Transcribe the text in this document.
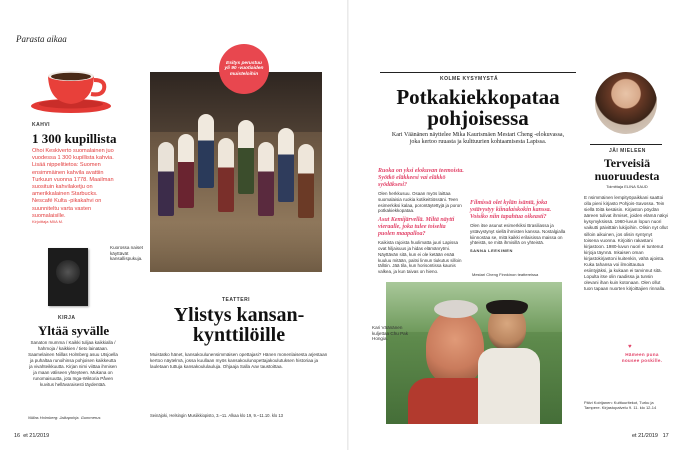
Parasta aikaa
KAHVI
1 300 kupillista
Ohoi Keskiverto suomalainen juo vuodessa 1 300 kupillista kahvia. Lisää nippelitietoa: Suomen ensimmäinen kahvila avattiin Turkuun vuonna 1778. Maailman suosituin kahvilaketju on amerikkalainen Starbucks. Nescafé Kulta -pikakahvi on suunniteltu varta vasten suomalaisille.
Kirjoittaja MIIA M.
KIRJA
Yltää syvälle
Sanaton mumma / Kaikki tulijaa kaikkialla / hahmoja / kaikkien / tieto lainataan. Saamelainen Niillas Holmberg asuu Utsjoella ja puhaltaa runoihinsa pohjoisen kaikkeutta ja vivahteikkuutta. Kirjan nimi viittaa ihmisen ja maan väliseen yhteyteen. Mukana on runomaisuutta, jota Inga-Wiktoria Påven kuvitus hellävaraisesti täydentää.
Niillas Holmberg: Jalkapohja. Gummerus
Kuorossa naiset käyttävät kansallispukuja.
Esitys perustuu yli 90 -vuotiaiden muisteloihin
TEATTERI
Ylistys kansan-kynttilöille
Muistatko hänet, kansakoulunensimmäisen opettajasi? Hänen monenlaisesta arjestaan kertoo näytelmä, jossa kuullaan myös kansakoulunopettajakoulutuksen historiaa ja lauletaan tuttuja kansakoululauluja. Ohjaaja Salla Aav taustoittaa.
Seinäjoki, Helsingin Musiikkiopisto, 3.–11. Alkaa klo 19, 9.–11.10. klo 13
16 et 21/2019
KOLME KYSYMYSTÄ
Potkakiekkopataa pohjoisessa
Kari Väänänen näyttelee Mika Kaurismäen Mestari Cheng -elokuvassa, joka kertoo ruuasta ja kulttuurien kohtaamisesta Lapissa.
Ruoka on yksi elokuvan teemoista. Syötkö eläkkeesi vai eläkkö syödäksesi?
Olen herkkusuu. Osaan myös laittaa suomalaisia ruokia kotikeittiössäni. Teen esimerkiksi kalaa, porontäytettyjä ja poron potkakiekkopataa.
Asut Kemijärvellä. Miltä näytti vieraalle, joka tulee toiselta puolen maapalloa?
Kaikista rajoista huolimatta juuri Lapissa ovat hiljaisuus ja hidas elämänrytmi. Näyttävän sitä, kun ei ole ketään enää kuuluu mitään, paitsi linnun tiukutus silloin tällöin. Jää tila, kun horisontissa kaunis valkea, ja kun taivas on hieno.
Filmissä olet kylän isäntä, joka ystävystyy kiinalaiskokin kanssa. Voisiko niin tapahtua oikeasti?
Olen itse asunut esimerkiksi Brasiliassa ja ystävystynyt siellä ihmisten kanssa. Nostalgialla kiinnostaa se, mitä kaikki erilaisissa maissa on yhteistä, se mitä ihmisillä on yhteistä.
SANNA LEEKIMEN
Mestari Cheng Finnkinon teattereissa
Kari Väänänen kuljettaa Chu Pak Hongia.
JÄI MIELEEN
Terveisiä nuoruudesta
Toimittaja ELINA SAUD
E nsimmäinen lempityöpaikkani saattoi olla pieni kirjasto Pohjois-Savossa. Tein siellä töitä kesäisin. Kirjaston pöydän ääreen tulivat ihmiset, joiden elämä näkyi kysymyksissä. 1960-luvun lopun nuori vaikutti päivittäin lukijoihin. Olisin nyt ollut silloin aikuinen, jos olisin syntynyt toisena vuonna. Kirjoitin rakastani kirjastoon. 1980-luvun nuori ei tuntenut kirjoja täynnä. Inkaisen oman kirjastokirjastoni kuitenkin, vähä ajoista. Kuka tahansa voi ilmoittautua esiintyjäksi, ja kukaan ei tarvinnut sitä. Lopulta itse olin raadissa ja tunsin olevani ihan kuin kotonaan. Olen ollut tuon tapaan nuorten kirjoittajien rinnalla.
♥
Hämeen puna nousee poskille.
Päivi Koirijanen: Kulttuuritekot, Turku ja Tampere. Kirjastopalvelu 9. 11. klo 12-14
et 21/2019 17
